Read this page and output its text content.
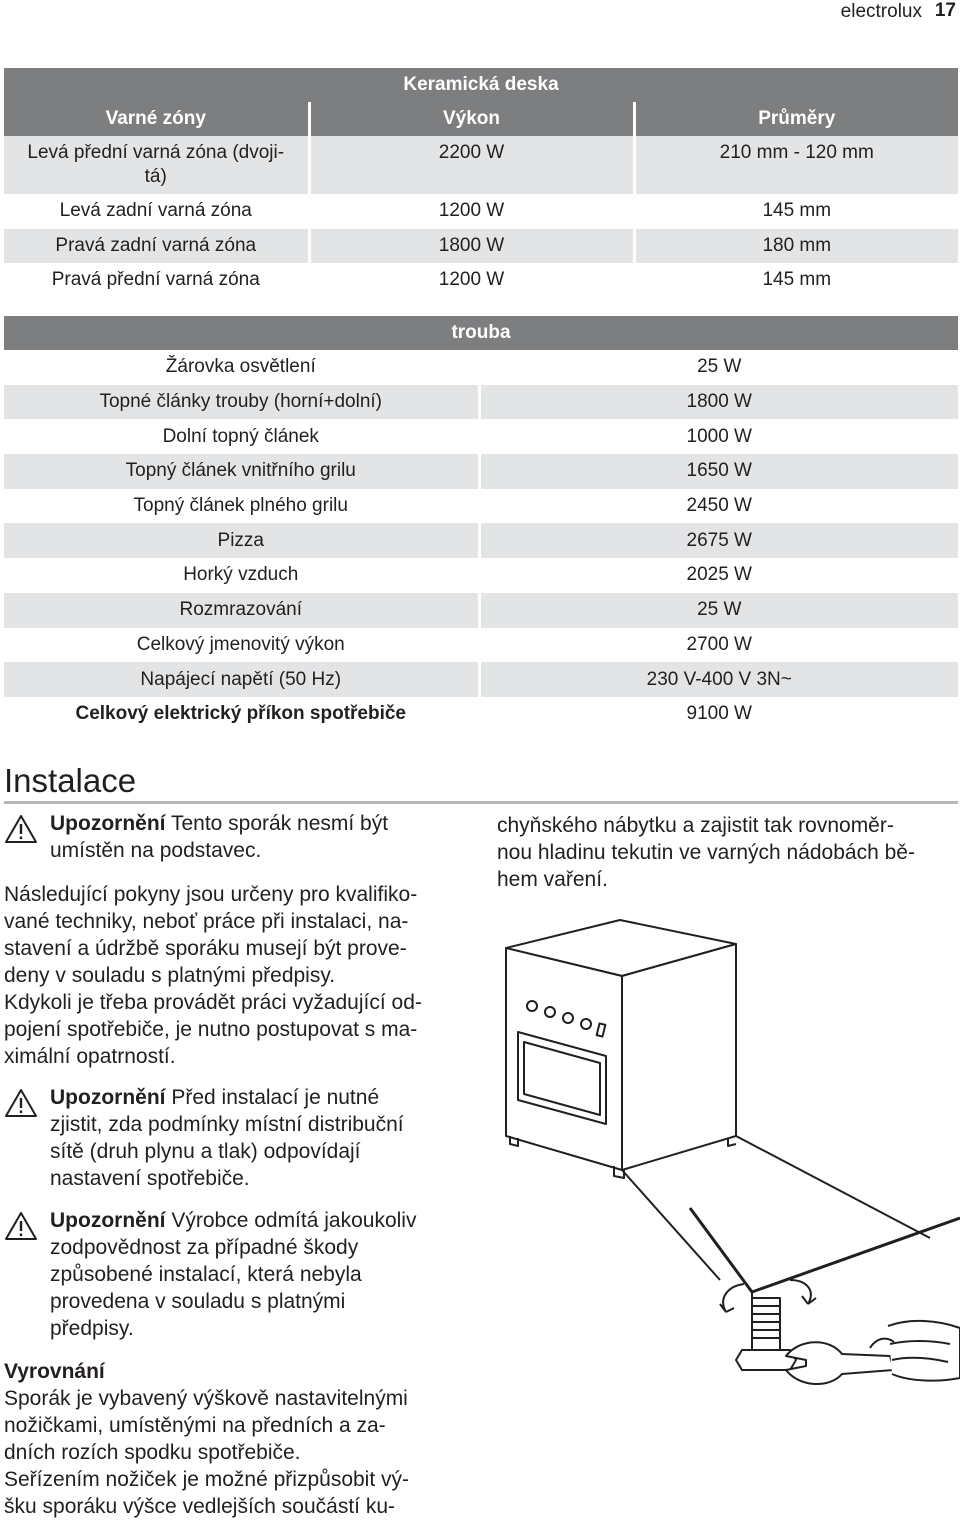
electrolux 17
Keramická deska		
Varné zóny	Výkon	Průměry
Levá přední varná zóna (dvoji-
tá)	2200 W	210 mm - 120 mm
Levá zadní varná zóna	1200 W	145 mm
Pravá zadní varná zóna	1800 W	180 mm
Pravá přední varná zóna	1200 W	145 mm
trouba	
Žárovka osvětlení	25 W
Topné články trouby (horní+dolní)	1800 W
Dolní topný článek	1000 W
Topný článek vnitřního grilu	1650 W
Topný článek plného grilu	2450 W
Pizza	2675 W
Horký vzduch	2025 W
Rozmrazování	25 W
Celkový jmenovitý výkon	2700 W
Napájecí napětí (50 Hz)	230 V-400 V 3N~
Celkový elektrický příkon spotřebiče	9100 W
Instalace

Upozornění Tento sporák nesmí být

umístěn na podstavec.

Následující pokyny jsou určeny pro kvalifiko-

vané techniky, neboť práce při instalaci, na-

stavení a údržbě sporáku musejí být prove-

deny v souladu s platnými předpisy.

Kdykoli je třeba provádět práci vyžadující od-

pojení spotřebiče, je nutno postupovat s ma-

ximální opatrností.

Upozornění Před instalací je nutné

zjistit, zda podmínky místní distribuční

sítě (druh plynu a tlak) odpovídají

nastavení spotřebiče.

Upozornění Výrobce odmítá jakoukoliv

zodpovědnost za případné škody

způsobené instalací, která nebyla

provedena v souladu s platnými

předpisy.

Vyrovnání

Sporák je vybavený výškově nastavitelnými

nožičkami, umístěnými na předních a za-

dních rozích spodku spotřebiče.

Seřízením nožiček je možné přizpůsobit vý-

šku sporáku výšce vedlejších součástí ku-

chyňského nábytku a zajistit tak rovnoměr-

nou hladinu tekutin ve varných nádobách bě-

hem vaření.
